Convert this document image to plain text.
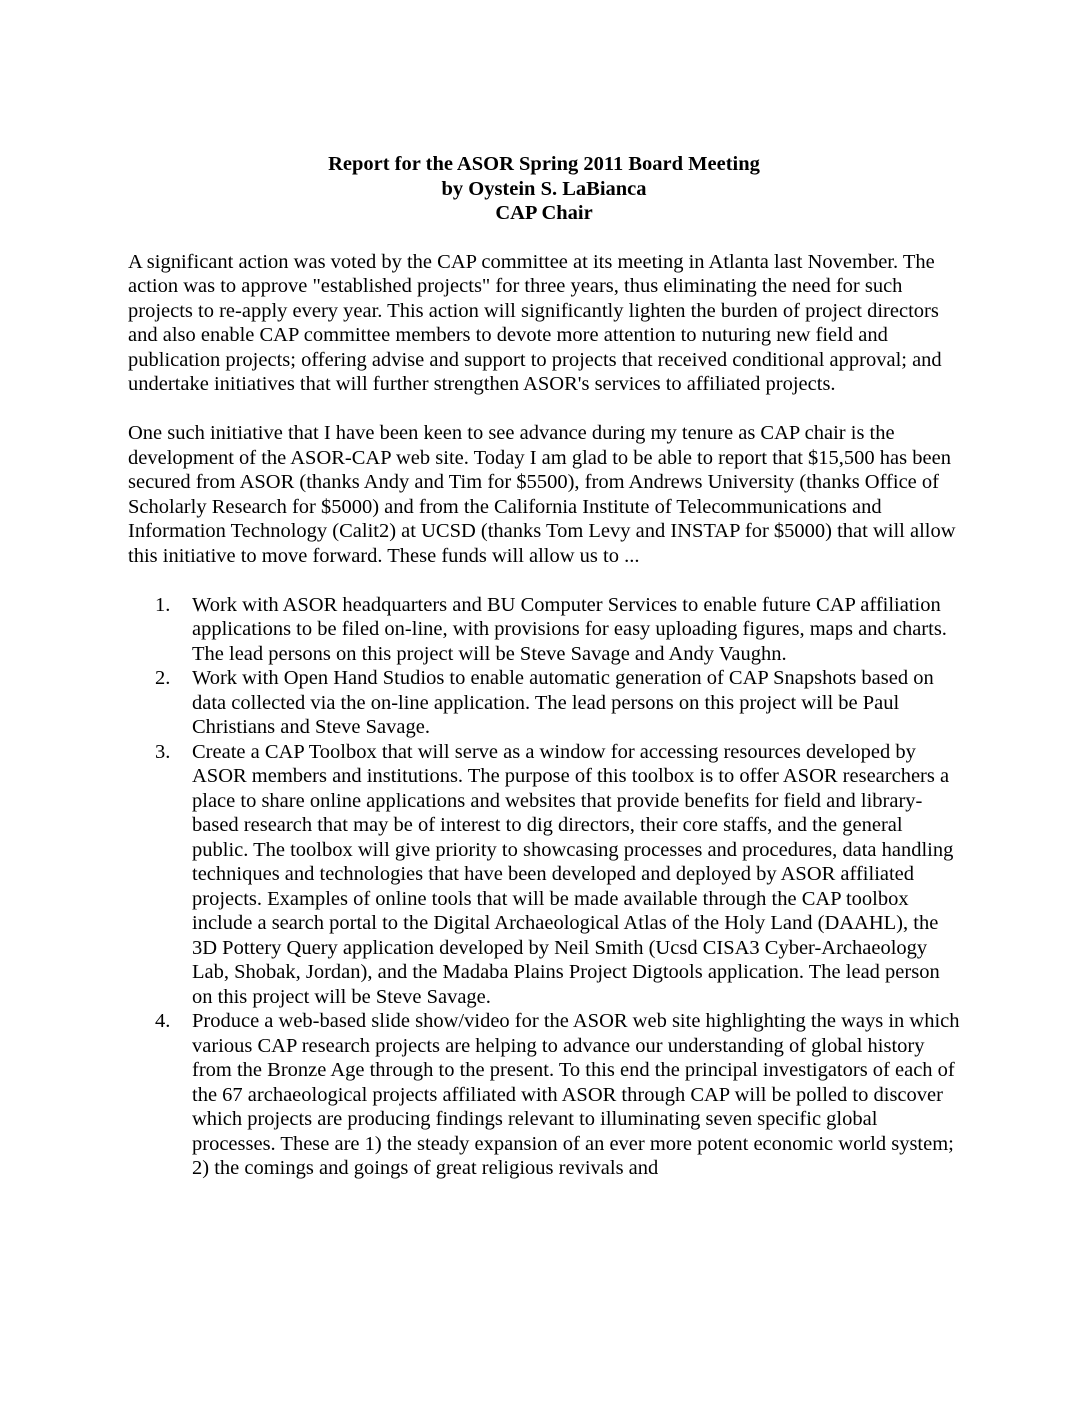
Report for the ASOR Spring 2011 Board Meeting
by Oystein S. LaBianca
CAP Chair

A significant action was voted by the CAP committee at its meeting in Atlanta last November. The action was to approve "established projects" for three years, thus eliminating the need for such projects to re-apply every year. This action will significantly lighten the burden of project directors and also enable CAP committee members to devote more attention to nuturing new field and publication projects; offering advise and support to projects that received conditional approval; and undertake initiatives that will further strengthen ASOR's services to affiliated projects.

One such initiative that I have been keen to see advance during my tenure as CAP chair is the development of the ASOR-CAP web site. Today I am glad to be able to report that $15,500 has been secured from ASOR (thanks Andy and Tim for $5500), from Andrews University (thanks Office of Scholarly Research for $5000) and from the California Institute of Telecommunications and Information Technology (Calit2) at UCSD (thanks Tom Levy and INSTAP for $5000) that will allow this initiative to move forward. These funds will allow us to ...

1. Work with ASOR headquarters and BU Computer Services to enable future CAP affiliation applications to be filed on-line, with provisions for easy uploading figures, maps and charts. The lead persons on this project will be Steve Savage and Andy Vaughn.
2. Work with Open Hand Studios to enable automatic generation of CAP Snapshots based on data collected via the on-line application. The lead persons on this project will be Paul Christians and Steve Savage.
3. Create a CAP Toolbox that will serve as a window for accessing resources developed by ASOR members and institutions. The purpose of this toolbox is to offer ASOR researchers a place to share online applications and websites that provide benefits for field and library-based research that may be of interest to dig directors, their core staffs, and the general public. The toolbox will give priority to showcasing processes and procedures, data handling techniques and technologies that have been developed and deployed by ASOR affiliated projects. Examples of online tools that will be made available through the CAP toolbox include a search portal to the Digital Archaeological Atlas of the Holy Land (DAAHL), the 3D Pottery Query application developed by Neil Smith (Ucsd CISA3 Cyber-Archaeology Lab, Shobak, Jordan), and the Madaba Plains Project Digtools application. The lead person on this project will be Steve Savage.
4. Produce a web-based slide show/video for the ASOR web site highlighting the ways in which various CAP research projects are helping to advance our understanding of global history from the Bronze Age through to the present. To this end the principal investigators of each of the 67 archaeological projects affiliated with ASOR through CAP will be polled to discover which projects are producing findings relevant to illuminating seven specific global processes. These are 1) the steady expansion of an ever more potent economic world system; 2) the comings and goings of great religious revivals and
